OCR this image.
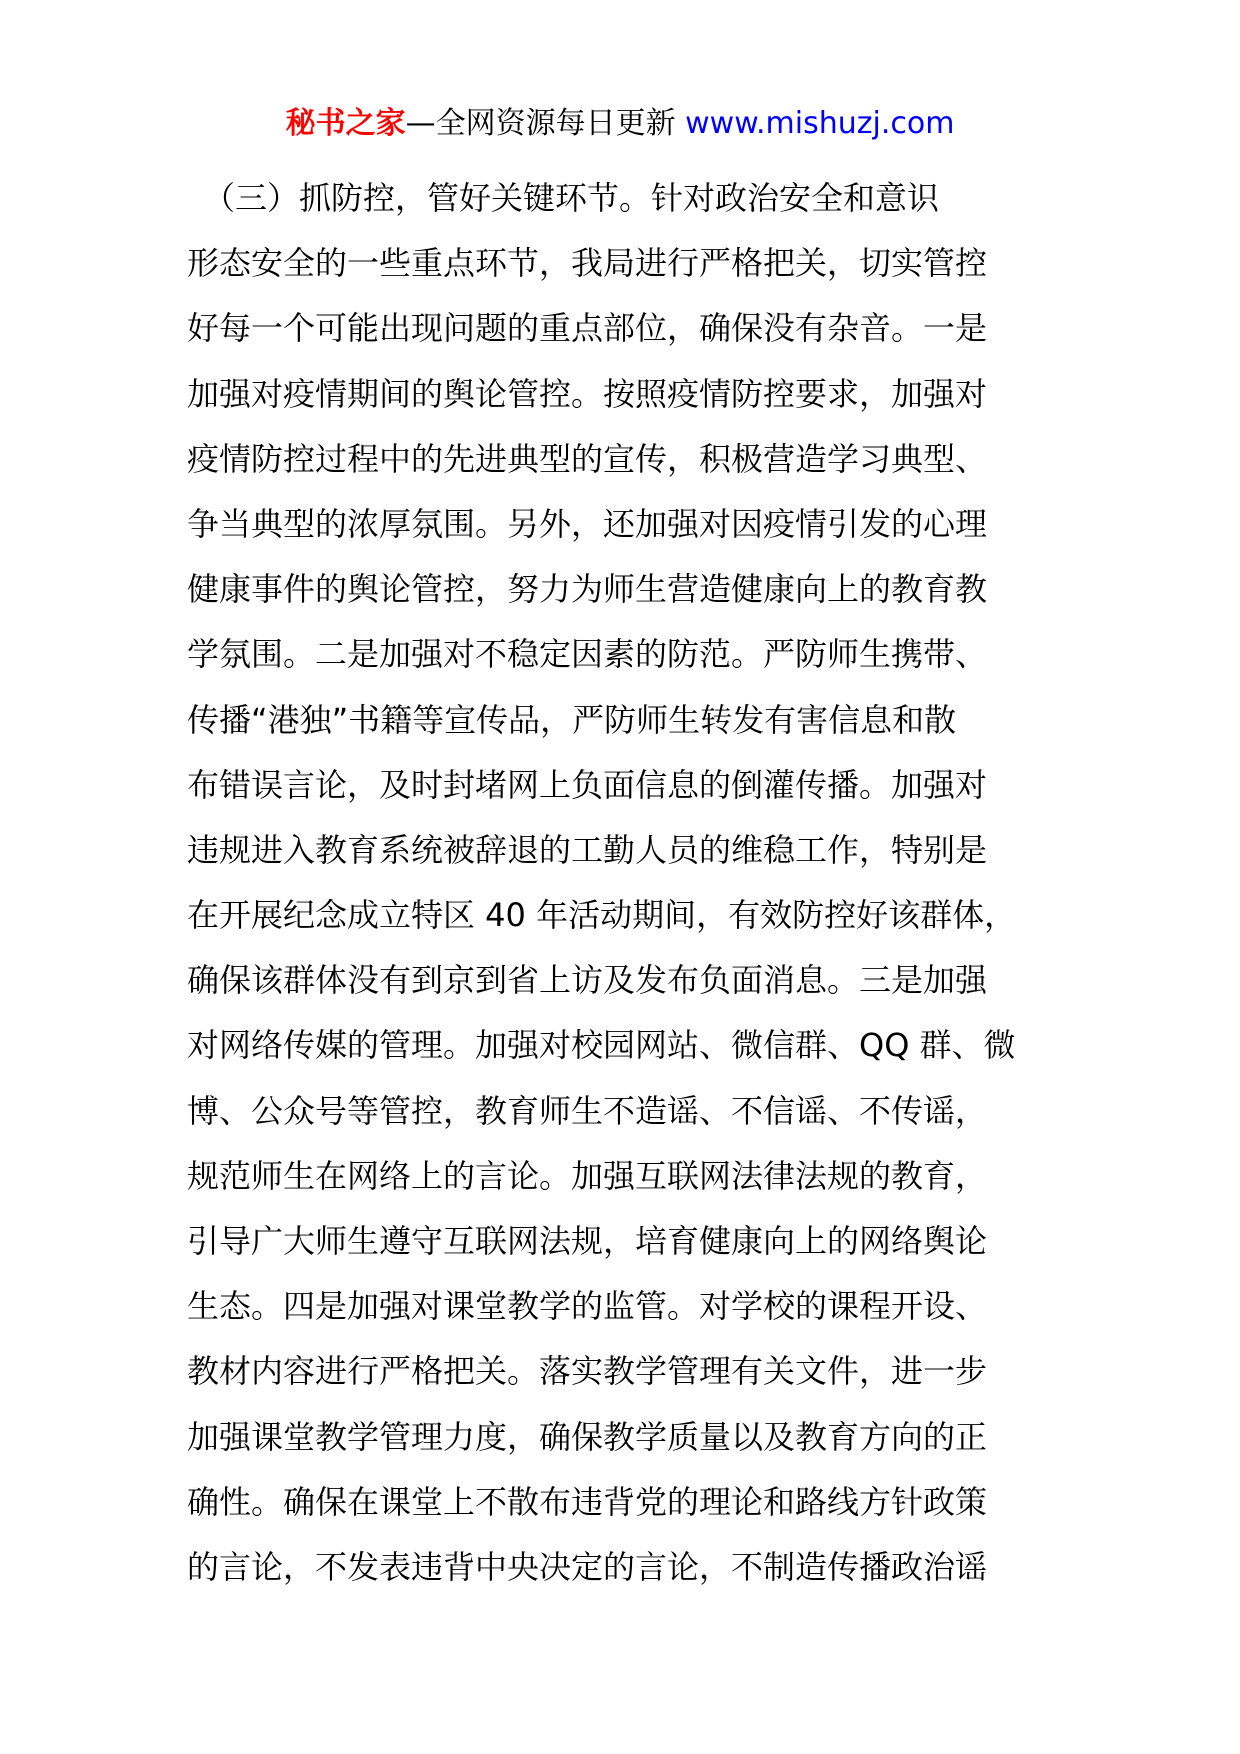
秘书之家—全网资源每日更新 www.mishuzj.com
　（三）抓防控，管好关键环节。针对政治安全和意识
形态安全的一些重点环节，我局进行严格把关，切实管控
好每一个可能出现问题的重点部位，确保没有杂音。一是
加强对疫情期间的舆论管控。按照疫情防控要求，加强对
疫情防控过程中的先进典型的宣传，积极营造学习典型、
争当典型的浓厚氛围。另外，还加强对因疫情引发的心理
健康事件的舆论管控，努力为师生营造健康向上的教育教
学氛围。二是加强对不稳定因素的防范。严防师生携带、
传播“港独”书籍等宣传品，严防师生转发有害信息和散
布错误言论，及时封堵网上负面信息的倒灌传播。加强对
违规进入教育系统被辞退的工勤人员的维稳工作，特别是
在开展纪念成立特区 40 年活动期间，有效防控好该群体，
确保该群体没有到京到省上访及发布负面消息。三是加强
对网络传媒的管理。加强对校园网站、微信群、QQ 群、微
博、公众号等管控，教育师生不造谣、不信谣、不传谣，
规范师生在网络上的言论。加强互联网法律法规的教育，
引导广大师生遵守互联网法规，培育健康向上的网络舆论
生态。四是加强对课堂教学的监管。对学校的课程开设、
教材内容进行严格把关。落实教学管理有关文件，进一步
加强课堂教学管理力度，确保教学质量以及教育方向的正
确性。确保在课堂上不散布违背党的理论和路线方针政策
的言论，不发表违背中央决定的言论，不制造传播政治谣
